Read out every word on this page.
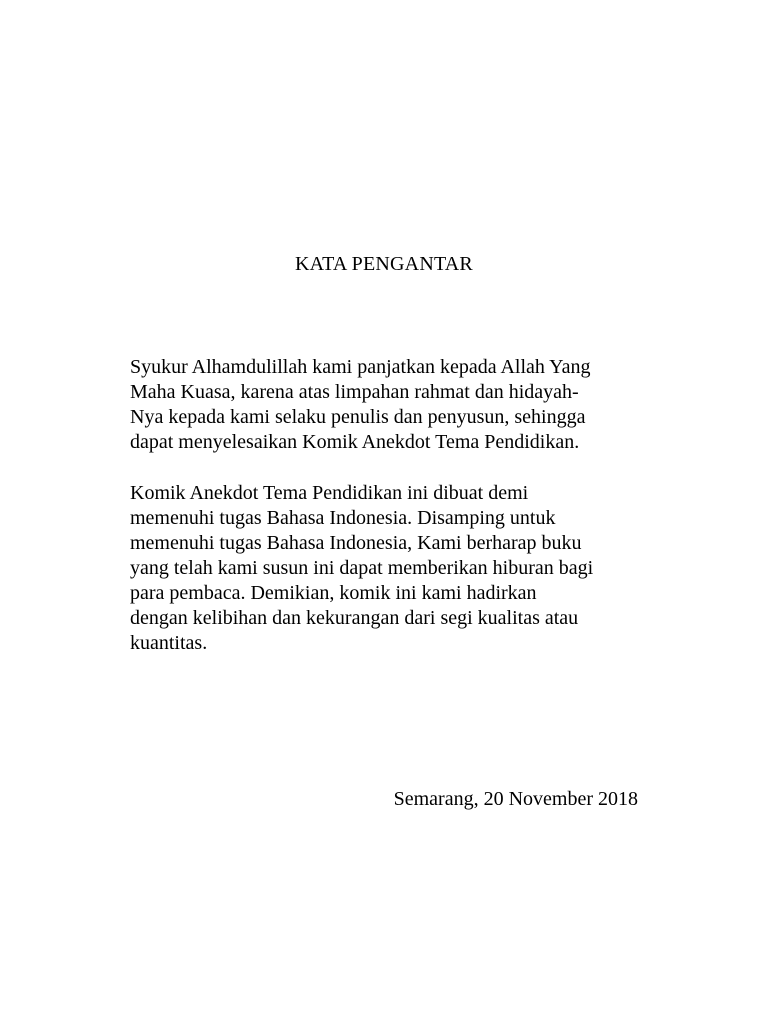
KATA PENGANTAR

Syukur Alhamdulillah kami panjatkan kepada Allah Yang
Maha Kuasa, karena atas limpahan rahmat dan hidayah-
Nya kepada kami selaku penulis dan penyusun, sehingga
dapat menyelesaikan Komik Anekdot Tema Pendidikan.

Komik Anekdot Tema Pendidikan ini dibuat demi
memenuhi tugas Bahasa Indonesia. Disamping untuk
memenuhi tugas Bahasa Indonesia, Kami berharap buku
yang telah kami susun ini dapat memberikan hiburan bagi
para pembaca. Demikian, komik ini kami hadirkan
dengan kelibihan dan kekurangan dari segi kualitas atau
kuantitas.

Semarang, 20 November 2018
